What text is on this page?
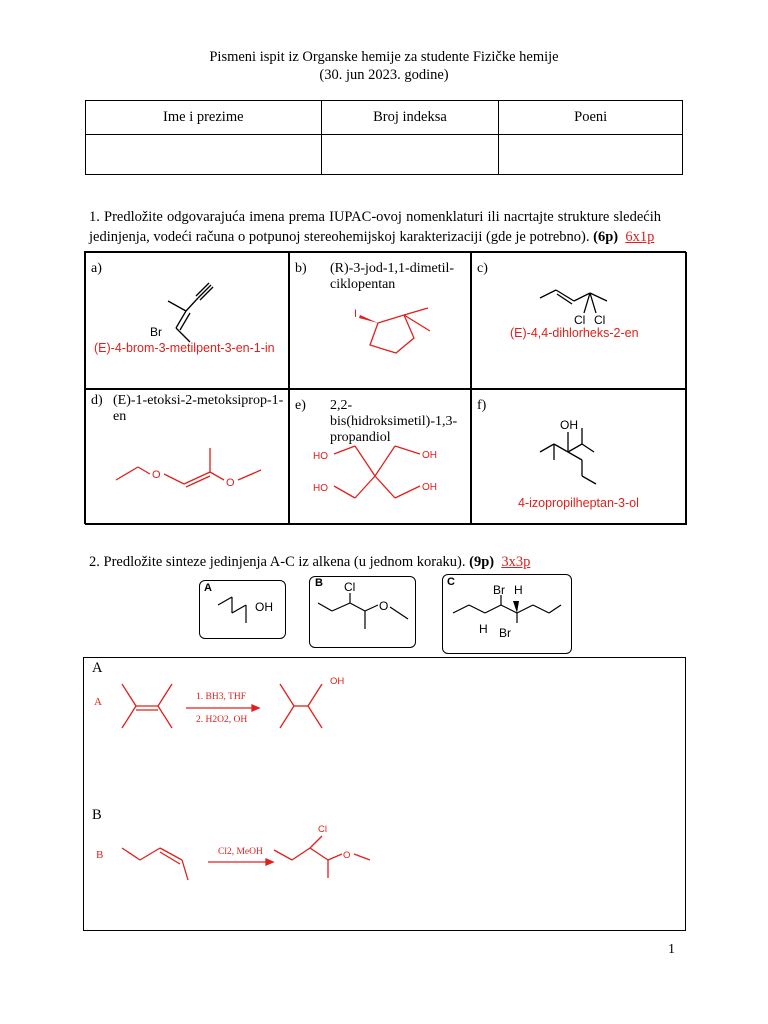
Pismeni ispit iz Organske hemije za studente Fizičke hemije
(30. jun 2023. godine)
Ime i prezime	Broj indeksa	Poeni

1. Predložite odgovarajuća imena prema IUPAC-ovoj nomenklaturi ili nacrtajte strukture sledećih jedinjenja, vodeći računa o potpunoj stereohemijskoj karakterizaciji (gde je potrebno). (6p) 6x1p
a)
Br
(E)-4-brom-3-metilpent-3-en-1-in
b) (R)-3-jod-1,1-dimetil-ciklopentan
I
c)
Cl Cl
(E)-4,4-dihlorheks-2-en
d) (E)-1-etoksi-2-metoksiprop-1-en
O
O
e) 2,2-bis(hidroksimetil)-1,3-propandiol
HO	OH
HO	OH
f)
OH
4-izopropilheptan-3-ol
2. Predložite sinteze jedinjenja A-C iz alkena (u jednom koraku). (9p) 3x3p
A
OH
B Cl
O
C
Br H
H Br
A
A	1. BH3, THF
2. H2O2, OH
OH
B
B	Cl2, MeOH
Cl
O
1
